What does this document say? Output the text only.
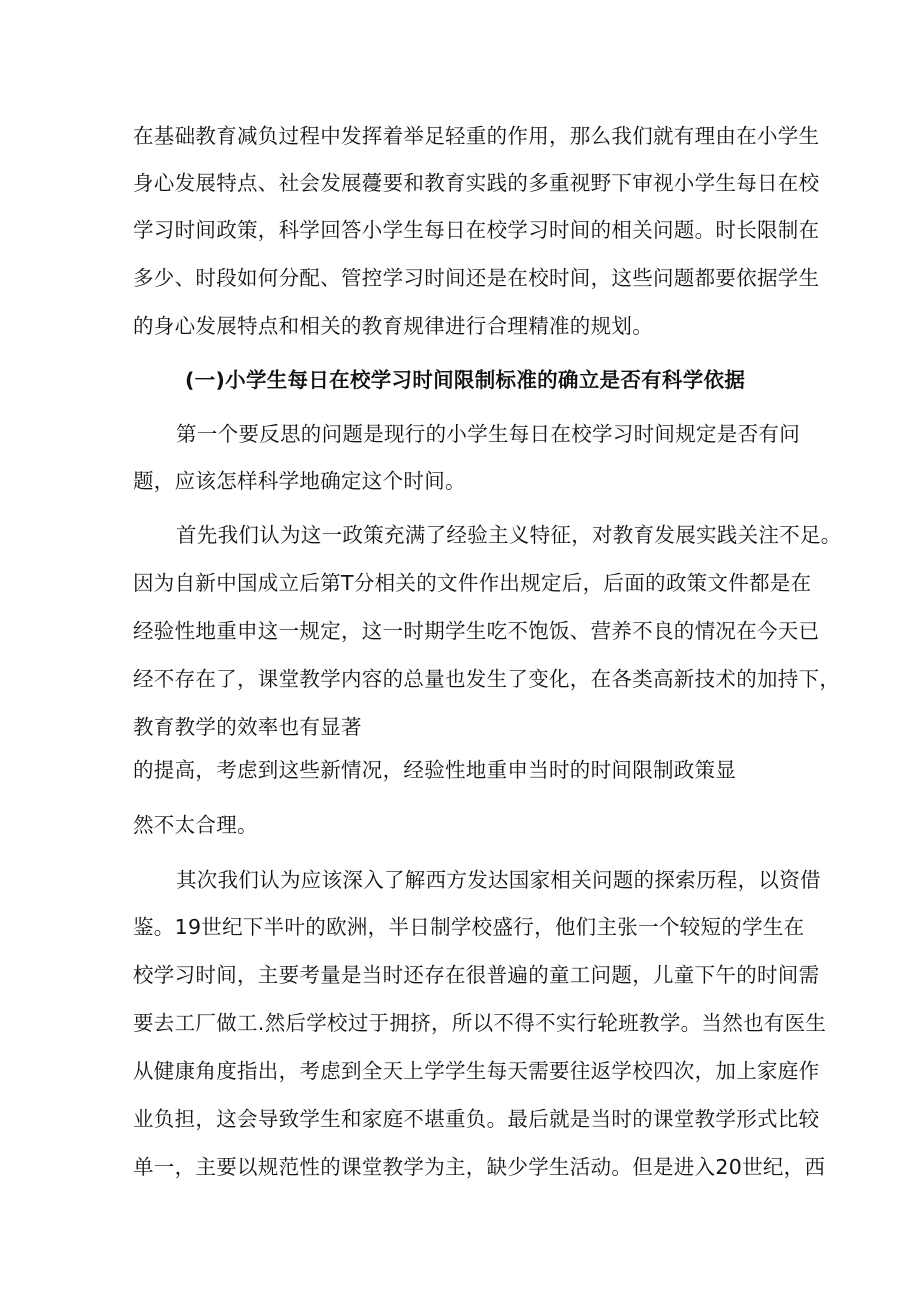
在基础教育减负过程中发挥着举足轻重的作用，那么我们就有理由在小学生
身心发展特点、社会发展蘉要和教育实践的多重视野下审视小学生每日在校
学习时间政策，科学回答小学生每日在校学习时间的相关问题。时长限制在
多少、时段如何分配、管控学习时间还是在校时间，这些问题都要依据学生
的身心发展特点和相关的教育规律进行合理精准的规划。
(一)小学生每日在校学习时间限制标准的确立是否有科学依据
第一个要反思的问题是现行的小学生每日在校学习时间规定是否有问
题，应该怎样科学地确定这个时间。
首先我们认为这一政策充满了经验主义特征，对教育发展实践关注不足。
因为自新中国成立后第T分相关的文件作出规定后，后面的政策文件都是在
经验性地重申这一规定，这一时期学生吃不饱饭、营养不良的情况在今天已
经不存在了，课堂教学内容的总量也发生了变化，在各类高新技术的加持下，
教育教学的效率也有显著
的提高，考虑到这些新情况，经验性地重申当时的时间限制政策显
然不太合理。
其次我们认为应该深入了解西方发达国家相关问题的探索历程，以资借
鉴。19世纪下半叶的欧洲，半日制学校盛行，他们主张一个较短的学生在
校学习时间，主要考量是当时还存在很普遍的童工问题，儿童下午的时间需
要去工厂做工.然后学校过于拥挤，所以不得不实行轮班教学。当然也有医生
从健康角度指出，考虑到全天上学学生每天需要往返学校四次，加上家庭作
业负担，这会导致学生和家庭不堪重负。最后就是当时的课堂教学形式比较
单一，主要以规范性的课堂教学为主，缺少学生活动。但是进入20世纪，西
